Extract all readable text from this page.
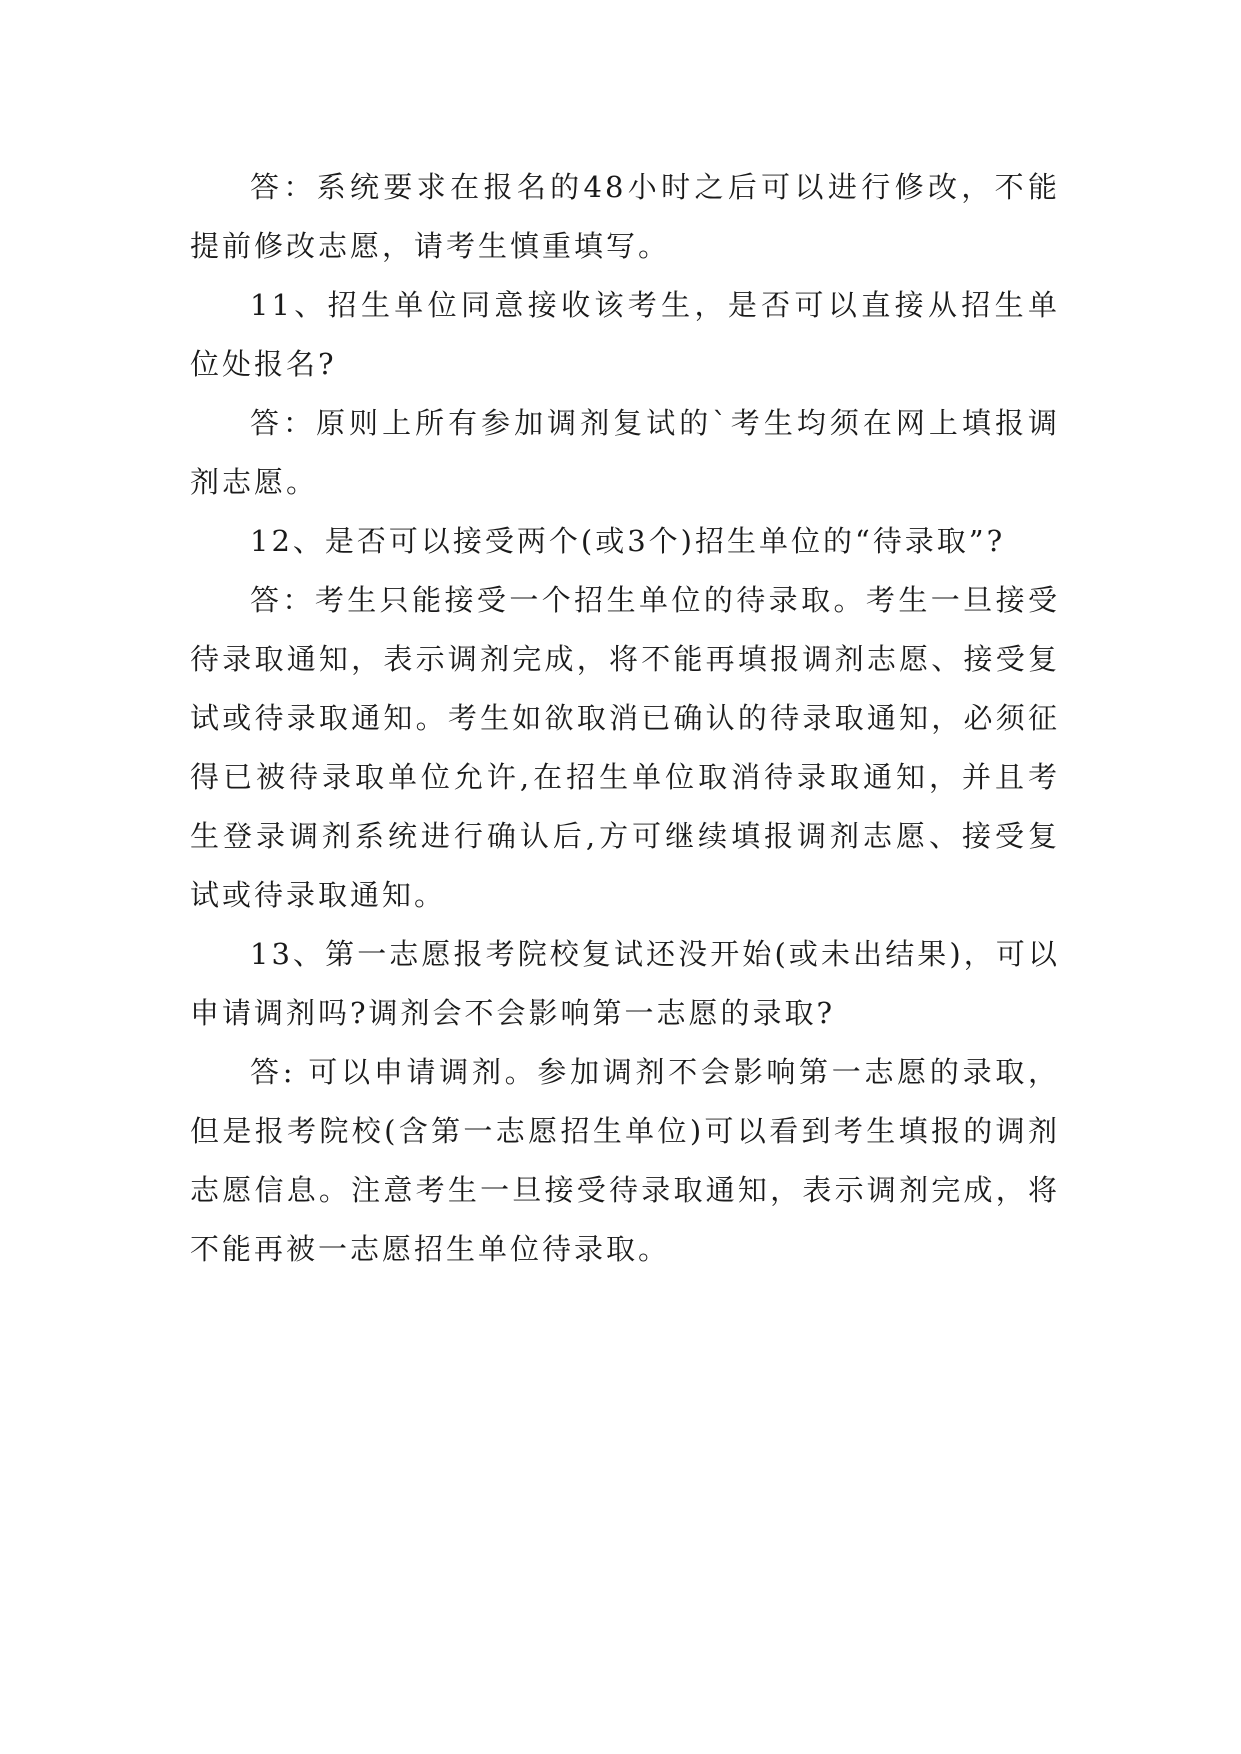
答：系统要求在报名的48小时之后可以进行修改，不能提前修改志愿，请考生慎重填写。

11、招生单位同意接收该考生，是否可以直接从招生单位处报名?

答：原则上所有参加调剂复试的`考生均须在网上填报调剂志愿。

12、是否可以接受两个(或3个)招生单位的“待录取”?

答：考生只能接受一个招生单位的待录取。考生一旦接受待录取通知，表示调剂完成，将不能再填报调剂志愿、接受复试或待录取通知。考生如欲取消已确认的待录取通知，必须征得已被待录取单位允许,在招生单位取消待录取通知，并且考生登录调剂系统进行确认后,方可继续填报调剂志愿、接受复试或待录取通知。

13、第一志愿报考院校复试还没开始(或未出结果)，可以申请调剂吗?调剂会不会影响第一志愿的录取?

答: 可以申请调剂。参加调剂不会影响第一志愿的录取，但是报考院校(含第一志愿招生单位)可以看到考生填报的调剂志愿信息。注意考生一旦接受待录取通知，表示调剂完成，将不能再被一志愿招生单位待录取。
